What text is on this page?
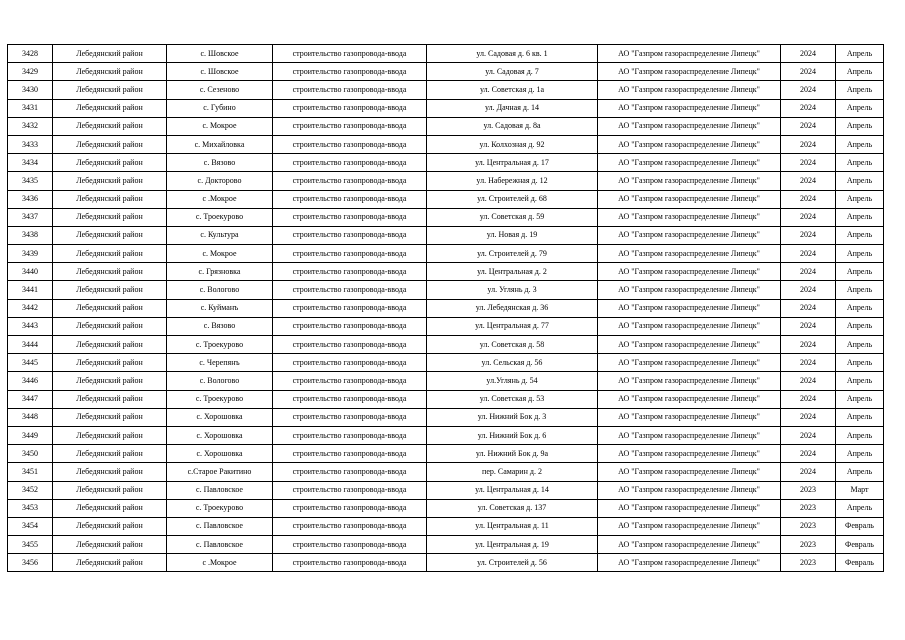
3428	Лебедянский район	с. Шовское	строительство газопровода-ввода	ул. Садовая д. 6 кв. 1	АО "Газпром газораспределение Липецк"	2024	Апрель
3429	Лебедянский район	с. Шовское	строительство газопровода-ввода	ул. Садовая д. 7	АО "Газпром газораспределение Липецк"	2024	Апрель
3430	Лебедянский район	с. Сезеново	строительство газопровода-ввода	ул. Советская д. 1а	АО "Газпром газораспределение Липецк"	2024	Апрель
3431	Лебедянский район	с. Губино	строительство газопровода-ввода	ул. Дачная д. 14	АО "Газпром газораспределение Липецк"	2024	Апрель
3432	Лебедянский район	с. Мокрое	строительство газопровода-ввода	ул. Садовая д. 8а	АО "Газпром газораспределение Липецк"	2024	Апрель
3433	Лебедянский район	с. Михайловка	строительство газопровода-ввода	ул. Колхозная д. 92	АО "Газпром газораспределение Липецк"	2024	Апрель
3434	Лебедянский район	с. Вязово	строительство газопровода-ввода	ул. Центральная д. 17	АО "Газпром газораспределение Липецк"	2024	Апрель
3435	Лебедянский район	с. Докторово	строительство газопровода-ввода	ул. Набережная д. 12	АО "Газпром газораспределение Липецк"	2024	Апрель
3436	Лебедянский район	с .Мокрое	строительство газопровода-ввода	ул. Строителей д. 68	АО "Газпром газораспределение Липецк"	2024	Апрель
3437	Лебедянский район	с. Троекурово	строительство газопровода-ввода	ул. Советская д. 59	АО "Газпром газораспределение Липецк"	2024	Апрель
3438	Лебедянский район	с. Культура	строительство газопровода-ввода	ул. Новая д. 19	АО "Газпром газораспределение Липецк"	2024	Апрель
3439	Лебедянский район	с. Мокрое	строительство газопровода-ввода	ул. Строителей д. 79	АО "Газпром газораспределение Липецк"	2024	Апрель
3440	Лебедянский район	с. Грязновка	строительство газопровода-ввода	ул. Центральная д. 2	АО "Газпром газораспределение Липецк"	2024	Апрель
3441	Лебедянский район	с. Вологово	строительство газопровода-ввода	ул. Углянь д. 3	АО "Газпром газораспределение Липецк"	2024	Апрель
3442	Лебедянский район	с. Куйманъ	строительство газопровода-ввода	ул. Лебедянская д. 36	АО "Газпром газораспределение Липецк"	2024	Апрель
3443	Лебедянский район	с. Вязово	строительство газопровода-ввода	ул. Центральная д. 77	АО "Газпром газораспределение Липецк"	2024	Апрель
3444	Лебедянский район	с. Троекурово	строительство газопровода-ввода	ул. Советская д. 58	АО "Газпром газораспределение Липецк"	2024	Апрель
3445	Лебедянский район	с. Черепянъ	строительство газопровода-ввода	ул. Сельская д. 56	АО "Газпром газораспределение Липецк"	2024	Апрель
3446	Лебедянский район	с. Вологово	строительство газопровода-ввода	ул.Углянь д. 54	АО "Газпром газораспределение Липецк"	2024	Апрель
3447	Лебедянский район	с. Троекурово	строительство газопровода-ввода	ул. Советская д. 53	АО "Газпром газораспределение Липецк"	2024	Апрель
3448	Лебедянский район	с. Хорошовка	строительство газопровода-ввода	ул. Нижний Бок д. 3	АО "Газпром газораспределение Липецк"	2024	Апрель
3449	Лебедянский район	с. Хорошовка	строительство газопровода-ввода	ул. Нижний Бок д. 6	АО "Газпром газораспределение Липецк"	2024	Апрель
3450	Лебедянский район	с. Хорошовка	строительство газопровода-ввода	ул. Нижний Бок д. 9а	АО "Газпром газораспределение Липецк"	2024	Апрель
3451	Лебедянский район	с.Старое Ракитино	строительство газопровода-ввода	пер. Самарин д. 2	АО "Газпром газораспределение Липецк"	2024	Апрель
3452	Лебедянский район	с. Павловское	строительство газопровода-ввода	ул. Центральная д. 14	АО "Газпром газораспределение Липецк"	2023	Март
3453	Лебедянский район	с. Троекурово	строительство газопровода-ввода	ул. Советская д. 137	АО "Газпром газораспределение Липецк"	2023	Апрель
3454	Лебедянский район	с. Павловское	строительство газопровода-ввода	ул. Центральная д. 11	АО "Газпром газораспределение Липецк"	2023	Февраль
3455	Лебедянский район	с. Павловское	строительство газопровода-ввода	ул. Центральная д. 19	АО "Газпром газораспределение Липецк"	2023	Февраль
3456	Лебедянский район	с .Мокрое	строительство газопровода-ввода	ул. Строителей д. 56	АО "Газпром газораспределение Липецк"	2023	Февраль
